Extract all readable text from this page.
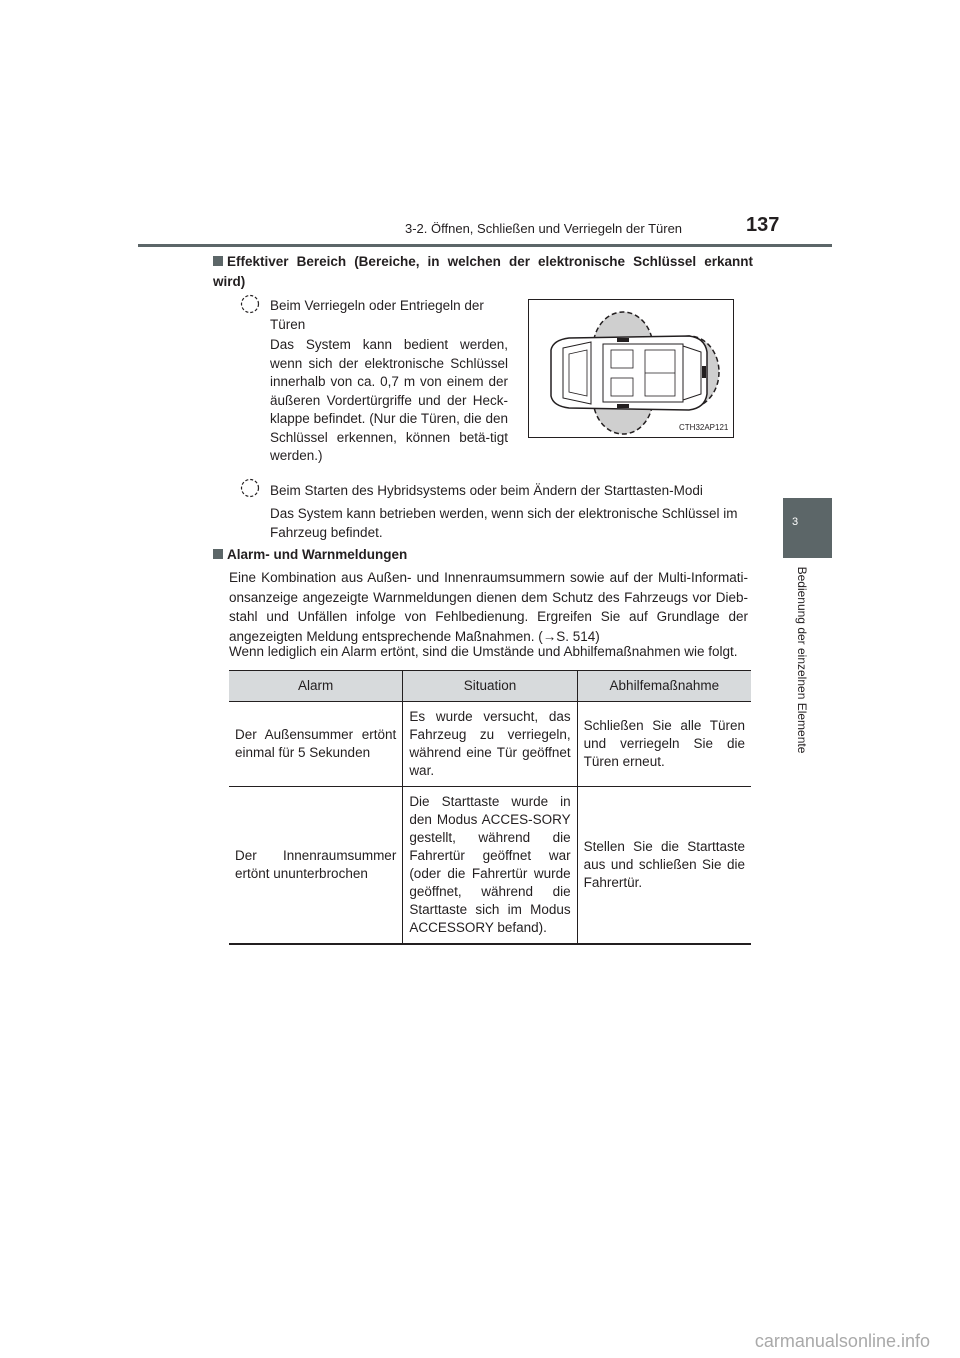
3-2. Öffnen, Schließen und Verriegeln der Türen	137
3
Bedienung der einzelnen Elemente
Effektiver Bereich (Bereiche, in welchen der elektronische Schlüssel erkannt wird)

Beim Verriegeln oder Entriegeln der Türen

Das System kann bedient werden, wenn sich der elektronische Schlüssel innerhalb von ca. 0,7 m von einem der äußeren Vordertürgriffe und der Heck-klappe befindet. (Nur die Türen, die den Schlüssel erkennen, können betä-tigt werden.)

CTH32AP121

Beim Starten des Hybridsystems oder beim Ändern der Starttasten-Modi

Das System kann betrieben werden, wenn sich der elektronische Schlüssel im Fahrzeug befindet.

Alarm- und Warnmeldungen

Eine Kombination aus Außen- und Innenraumsummern sowie auf der Multi-Informati-onsanzeige angezeigte Warnmeldungen dienen dem Schutz des Fahrzeugs vor Dieb-stahl und Unfällen infolge von Fehlbedienung. Ergreifen Sie auf Grundlage der angezeigten Meldung entsprechende Maßnahmen. (→S. 514)

Wenn lediglich ein Alarm ertönt, sind die Umstände und Abhilfemaßnahmen wie folgt.

Alarm	Situation	Abhilfemaßnahme
Der Außensummer ertönt einmal für 5 Sekunden	Es wurde versucht, das Fahrzeug zu verriegeln, während eine Tür geöffnet war.	Schließen Sie alle Türen und verriegeln Sie die Türen erneut.
Der Innenraumsummer ertönt ununterbrochen	Die Starttaste wurde in den Modus ACCES-SORY gestellt, während die Fahrertür geöffnet war (oder die Fahrertür wurde geöffnet, während die Starttaste sich im Modus ACCESSORY befand).	Stellen Sie die Starttaste aus und schließen Sie die Fahrertür.
carmanualsonline.info
